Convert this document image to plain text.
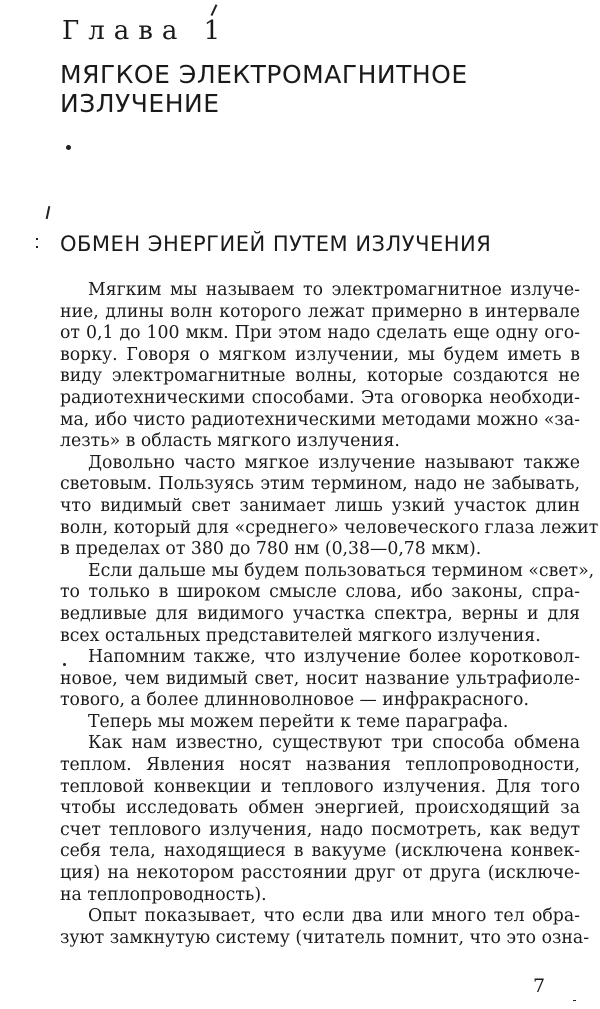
Глава 1
МЯГКОЕ ЭЛЕКТРОМАГНИТНОЕ
ИЗЛУЧЕНИЕ
ОБМЕН ЭНЕРГИЕЙ ПУТЕМ ИЗЛУЧЕНИЯ
Мягким мы называем то электромагнитное излуче-
ние, длины волн которого лежат примерно в интервале
от 0,1 до 100 мкм. При этом надо сделать еще одну ого-
ворку. Говоря о мягком излучении, мы будем иметь в
виду электромагнитные волны, которые создаются не
радиотехническими способами. Эта оговорка необходи-
ма, ибо чисто радиотехническими методами можно «за-
лезть» в область мягкого излучения.
Довольно часто мягкое излучение называют также
световым. Пользуясь этим термином, надо не забывать,
что видимый свет занимает лишь узкий участок длин
волн, который для «среднего» человеческого глаза лежит
в пределах от 380 до 780 нм (0,38—0,78 мкм).
Если дальше мы будем пользоваться термином «свет»,
то только в широком смысле слова, ибо законы, спра-
ведливые для видимого участка спектра, верны и для
всех остальных представителей мягкого излучения.
Напомним также, что излучение более коротковол-
новое, чем видимый свет, носит название ультрафиоле-
тового, а более длинноволновое — инфракрасного.
Теперь мы можем перейти к теме параграфа.
Как нам известно, существуют три способа обмена
теплом. Явления носят названия теплопроводности,
тепловой конвекции и теплового излучения. Для того
чтобы исследовать обмен энергией, происходящий за
счет теплового излучения, надо посмотреть, как ведут
себя тела, находящиеся в вакууме (исключена конвек-
ция) на некотором расстоянии друг от друга (исключе-
на теплопроводность).
Опыт показывает, что если два или много тел обра-
зуют замкнутую систему (читатель помнит, что это озна-
7
